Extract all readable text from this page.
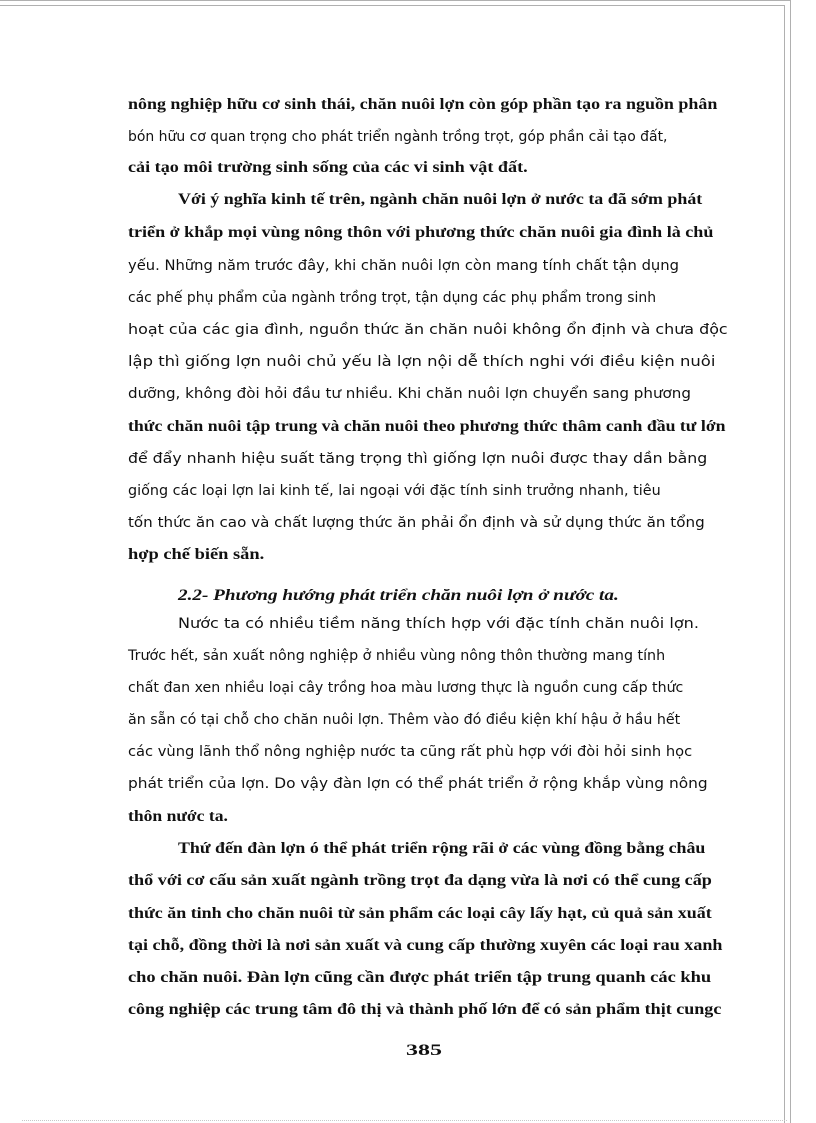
nông nghiệp hữu cơ sinh thái, chăn nuôi lợn còn góp phần tạo ra nguồn phân
bón hữu cơ quan trọng cho phát triển ngành trồng trọt, góp phần cải tạo đất,
cải tạo môi trường sinh sống của các vi sinh vật đất.
Với ý nghĩa kinh tế trên, ngành chăn nuôi lợn ở nước ta đã sớm phát
triển ở khắp mọi vùng nông thôn với phương thức chăn nuôi gia đình là chủ
yếu. Những năm trước đây, khi chăn nuôi lợn còn mang tính chất tận dụng
các phế phụ phẩm của ngành trồng trọt, tận dụng các phụ phẩm trong sinh
hoạt của các gia đình, nguồn thức ăn chăn nuôi không ổn định và chưa độc
lập thì giống lợn nuôi chủ yếu là lợn nội dễ thích nghi với điều kiện nuôi
dưỡng, không đòi hỏi đầu tư nhiều. Khi chăn nuôi lợn chuyển sang phương
thức chăn nuôi tập trung và chăn nuôi theo phương thức thâm canh đầu tư lớn
để đẩy nhanh hiệu suất tăng trọng thì giống lợn nuôi được thay dần bằng
giống các loại lợn lai kinh tế, lai ngoại với đặc tính sinh trưởng nhanh, tiêu
tốn thức ăn cao và chất lượng thức ăn phải ổn định và sử dụng thức ăn tổng
hợp chế biến sẵn.
2.2- Phương hướng phát triển chăn nuôi lợn ở nước ta.
Nước ta có nhiều tiềm năng thích hợp với đặc tính chăn nuôi lợn.
Trước hết, sản xuất nông nghiệp ở nhiều vùng nông thôn thường mang tính
chất đan xen nhiều loại cây trồng hoa màu lương thực là nguồn cung cấp thức
ăn sẵn có tại chỗ cho chăn nuôi lợn. Thêm vào đó điều kiện khí hậu ở hầu hết
các vùng lãnh thổ nông nghiệp nước ta cũng rất phù hợp với đòi hỏi sinh học
phát triển của lợn. Do vậy đàn lợn có thể phát triển ở rộng khắp vùng nông
thôn nước ta.
Thứ đến đàn lợn ó thể phát triển rộng rãi ở các vùng đồng bằng châu
thổ với cơ cấu sản xuất ngành trồng trọt đa dạng vừa là nơi có thể cung cấp
thức ăn tinh cho chăn nuôi từ sản phẩm các loại cây lấy hạt, củ quả sản xuất
tại chỗ, đồng thời là nơi sản xuất và cung cấp thường xuyên các loại rau xanh
cho chăn nuôi. Đàn lợn cũng cần được phát triển tập trung quanh các khu
công nghiệp các trung tâm đô thị và thành phố lớn để có sản phẩm thịt cungc
385
